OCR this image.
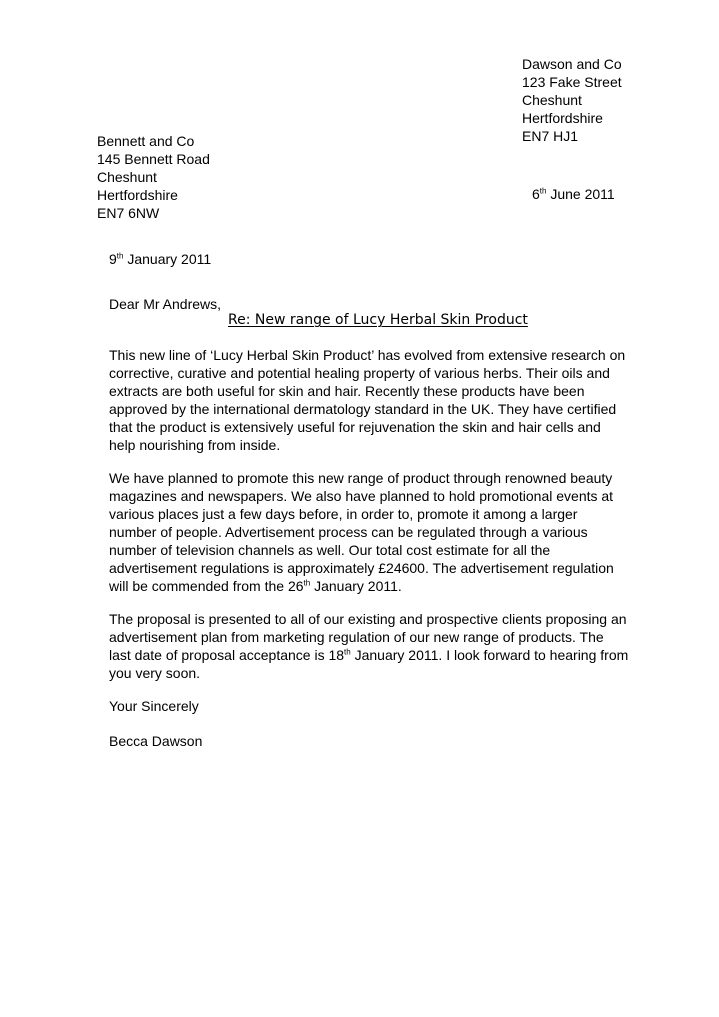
Dawson and Co
123 Fake Street
Cheshunt
Hertfordshire
EN7 HJ1
Bennett and Co
145 Bennett Road
Cheshunt
Hertfordshire
EN7 6NW
6th June 2011
9th January 2011
Dear Mr Andrews,
Re: New range of Lucy Herbal Skin Product

This new line of ‘Lucy Herbal Skin Product’ has evolved from extensive research on
corrective, curative and potential healing property of various herbs. Their oils and
extracts are both useful for skin and hair. Recently these products have been
approved by the international dermatology standard in the UK. They have certified
that the product is extensively useful for rejuvenation the skin and hair cells and
help nourishing from inside.

We have planned to promote this new range of product through renowned beauty
magazines and newspapers. We also have planned to hold promotional events at
various places just a few days before, in order to, promote it among a larger
number of people. Advertisement process can be regulated through a various
number of television channels as well. Our total cost estimate for all the
advertisement regulations is approximately £24600. The advertisement regulation
will be commended from the 26th January 2011.

The proposal is presented to all of our existing and prospective clients proposing an
advertisement plan from marketing regulation of our new range of products. The
last date of proposal acceptance is 18th January 2011. I look forward to hearing from
you very soon.

Your Sincerely
Becca Dawson
